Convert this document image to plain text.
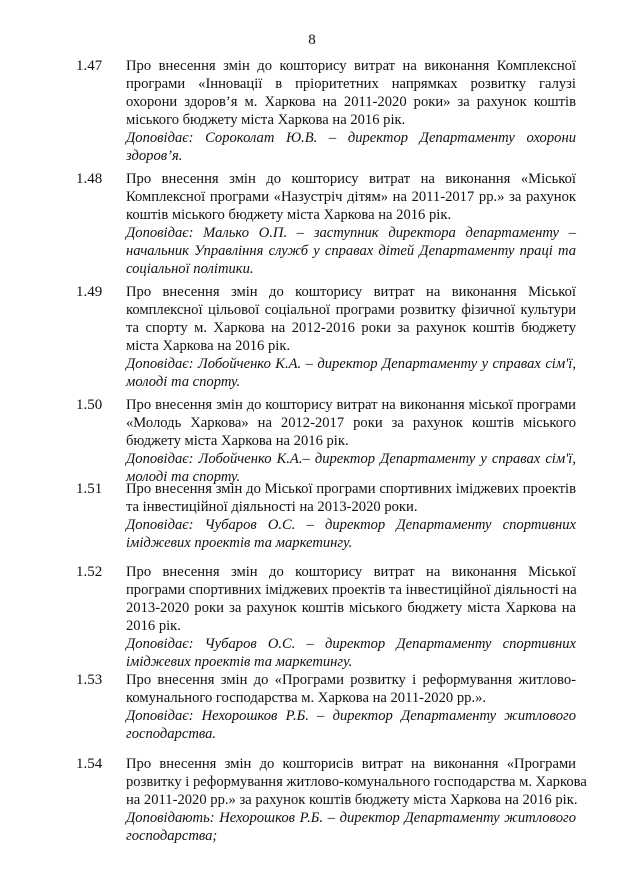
8
1.47 Про внесення змін до кошторису витрат на виконання Комплексної
програми «Інновації в пріоритетних напрямках розвитку галузі
охорони здоров’я м. Харкова на 2011-2020 роки» за рахунок коштів
міського бюджету міста Харкова на 2016 рік.
Доповідає: Сороколат Ю.В. – директор Департаменту охорони
здоров’я.
1.48 Про внесення змін до кошторису витрат на виконання «Міської
Комплексної програми «Назустріч дітям» на 2011-2017 рр.» за рахунок
коштів міського бюджету міста Харкова на 2016 рік.
Доповідає: Малько О.П. – заступник директора департаменту –
начальник Управління служб у справах дітей Департаменту праці та
соціальної політики.
1.49 Про внесення змін до кошторису витрат на виконання Міської
комплексної цільової соціальної програми розвитку фізичної культури
та спорту м. Харкова на 2012-2016 роки за рахунок коштів бюджету
міста Харкова на 2016 рік.
Доповідає: Лобойченко К.А. – директор Департаменту у справах сім'ї,
молоді та спорту.
1.50 Про внесення змін до кошторису витрат на виконання міської програми
«Молодь Харкова» на 2012-2017 роки за рахунок коштів міського
бюджету міста Харкова на 2016 рік.
Доповідає: Лобойченко К.А.– директор Департаменту у справах сім'ї,
молоді та спорту.
1.51 Про внесення змін до Міської програми спортивних іміджевих проектів
та інвестиційної діяльності на 2013-2020 роки.
Доповідає: Чубаров О.С. – директор Департаменту спортивних
іміджевих проектів та маркетингу.
1.52 Про внесення змін до кошторису витрат на виконання Міської
програми спортивних іміджевих проектів та інвестиційної діяльності на
2013-2020 роки за рахунок коштів міського бюджету міста Харкова на
2016 рік.
Доповідає: Чубаров О.С. – директор Департаменту спортивних
іміджевих проектів та маркетингу.
1.53 Про внесення змін до «Програми розвитку і реформування житлово-
комунального господарства м. Харкова на 2011-2020 рр.».
Доповідає: Нехорошков Р.Б. – директор Департаменту житлового
господарства.
1.54 Про внесення змін до кошторисів витрат на виконання «Програми
розвитку і реформування житлово-комунального господарства м. Харкова
на 2011-2020 рр.» за рахунок коштів бюджету міста Харкова на 2016 рік.
Доповідають: Нехорошков Р.Б. – директор Департаменту житлового
господарства;
